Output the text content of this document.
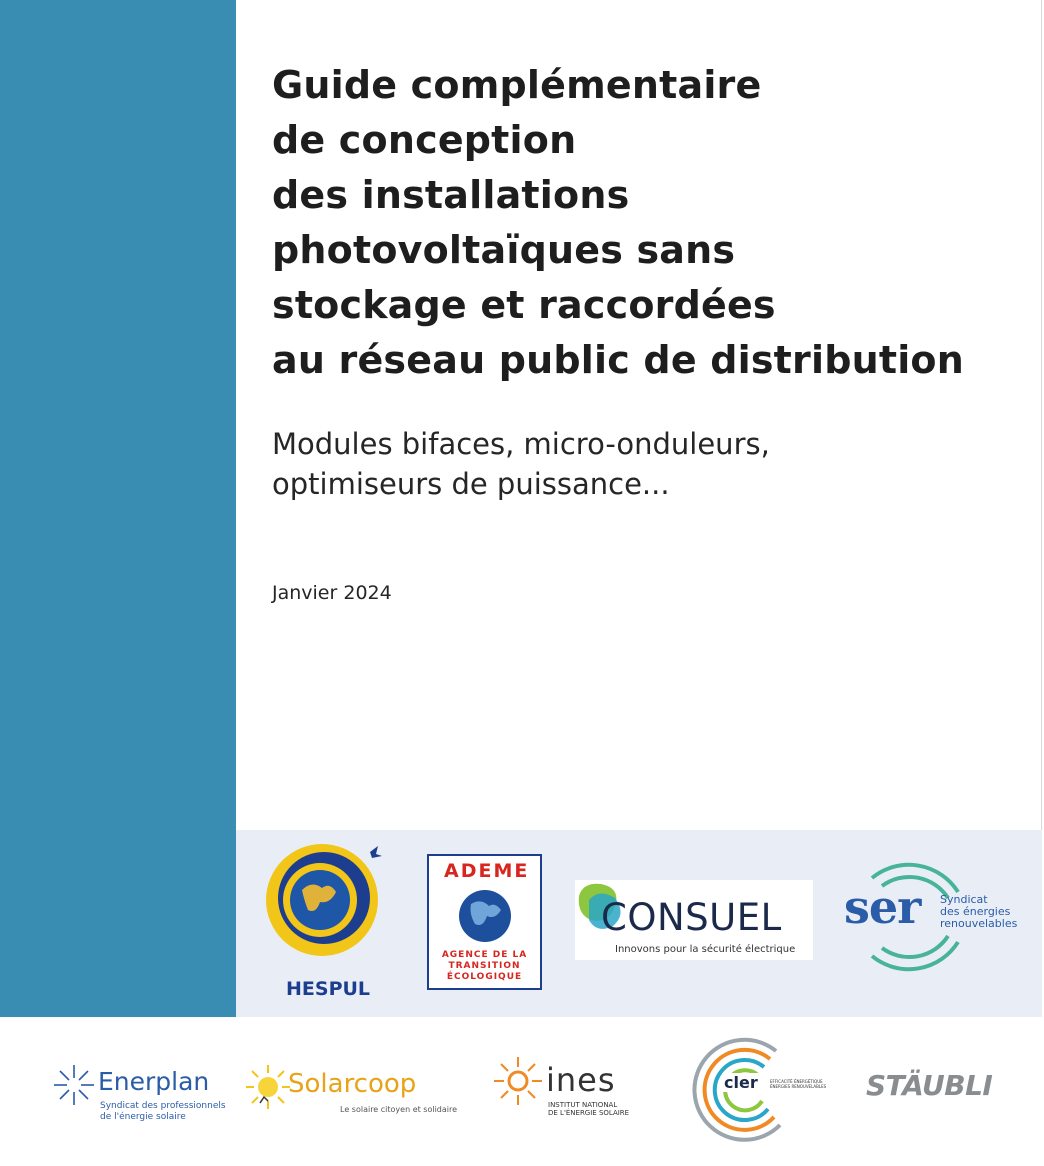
Guide complémentaire
de conception
des installations
photovoltaïques sans
stockage et raccordées
au réseau public de distribution
Modules bifaces, micro-onduleurs,
optimiseurs de puissance...
Janvier 2024
HESPUL
ADEME
AGENCE DE LA
TRANSITION
ÉCOLOGIQUE
CONSUEL
Innovons pour la sécurité électrique
ser Syndicat
des énergies
renouvelables
Enerplan
Syndicat des professionnels
de l'énergie solaire
Solarcoop
Le solaire citoyen et solidaire
ines
INSTITUT NATIONAL
DE L'ÉNERGIE SOLAIRE
cler	EFFICACITÉ ÉNERGÉTIQUE
ÉNERGIES RENOUVELABLES STÄUBLI
